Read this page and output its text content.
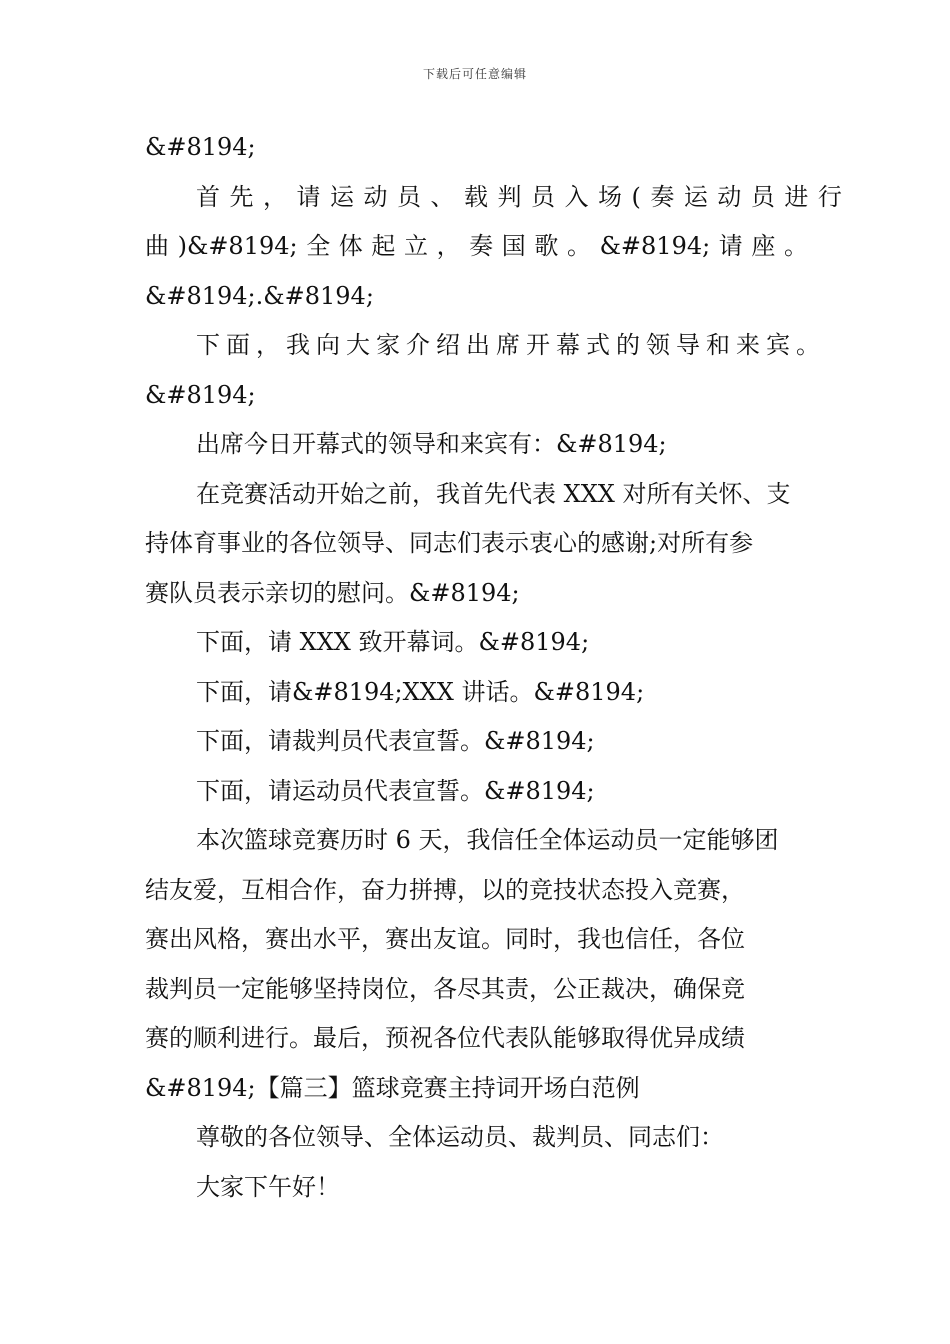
下载后可任意编辑
&#8194;
首先，请运动员、载判员入场(奏运动员进行
曲)&#8194;全体起立，奏国歌。&#8194;请座。
&#8194;.&#8194;
下面，我向大家介绍出席开幕式的领导和来宾。
&#8194;
出席今日开幕式的领导和来宾有：&#8194;
在竞赛活动开始之前，我首先代表 XXX 对所有关怀、支
持体育事业的各位领导、同志们表示衷心的感谢;对所有参
赛队员表示亲切的慰问。&#8194;
下面，请 XXX 致开幕词。&#8194;
下面，请&#8194;XXX 讲话。&#8194;
下面，请裁判员代表宣誓。&#8194;
下面，请运动员代表宣誓。&#8194;
本次篮球竞赛历时 6 天，我信任全体运动员一定能够团
结友爱，互相合作，奋力拼搏，以的竞技状态投入竞赛，
赛出风格，赛出水平，赛出友谊。同时，我也信任，各位
裁判员一定能够坚持岗位，各尽其责，公正裁决，确保竞
赛的顺利进行。最后，预祝各位代表队能够取得优异成绩
&#8194;【篇三】篮球竞赛主持词开场白范例
尊敬的各位领导、全体运动员、裁判员、同志们：
大家下午好！
